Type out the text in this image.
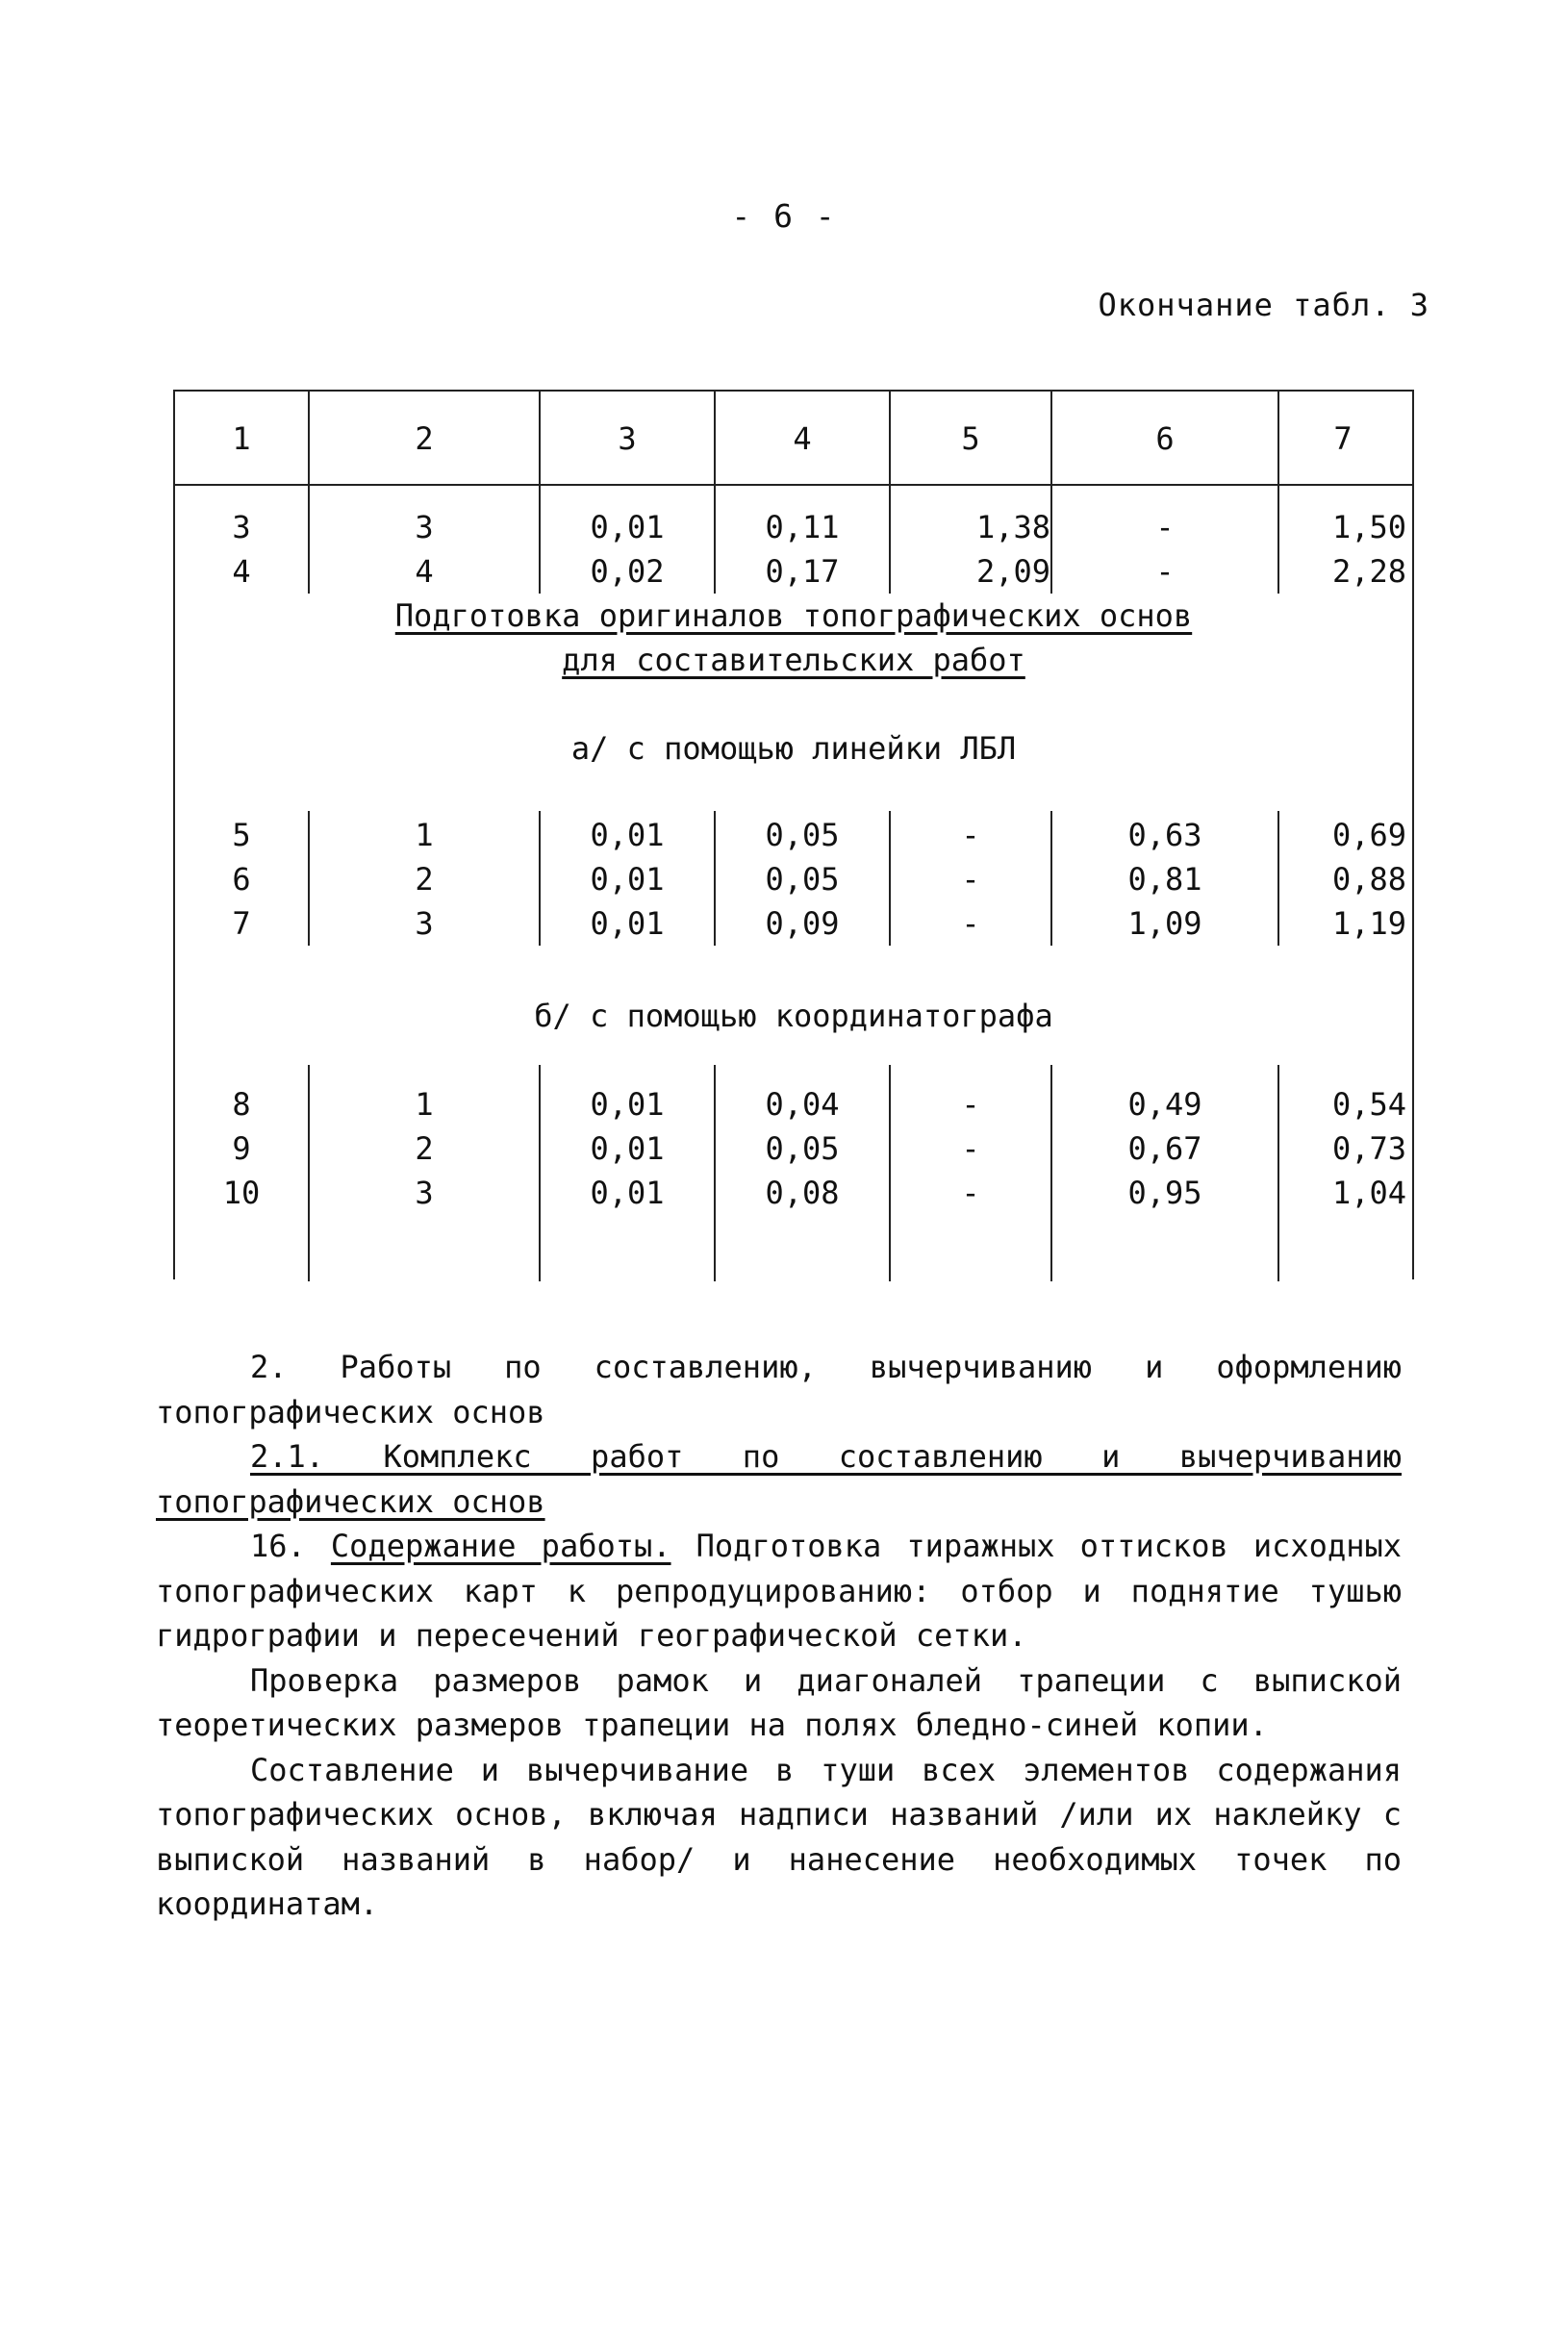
- 6 -
Окончание табл. 3
1	2	3	4	5	6	7
3	3	0,01	0,11	1,38	-	1,50
4	4	0,02	0,17	2,09	-	2,28
Подготовка оригиналов топографических основ
для составительских работ
а/ с помощью линейки ЛБЛ
5	1	0,01	0,05	-	0,63	0,69
6	2	0,01	0,05	-	0,81	0,88
7	3	0,01	0,09	-	1,09	1,19
б/ с помощью координатографа
8	1	0,01	0,04	-	0,49	0,54
9	2	0,01	0,05	-	0,67	0,73
10	3	0,01	0,08	-	0,95	1,04

2. Работы по составлению, вычерчиванию и оформлению топографических основ

2.1. Комплекс работ по составлению и вычерчиванию топографических основ

16. Содержание работы. Подготовка тиражных оттисков исходных топографических карт к репродуцированию: отбор и поднятие тушью гидрографии и пересечений географической сетки.

Проверка размеров рамок и диагоналей трапеции с выпиской теоретических размеров трапеции на полях бледно-синей копии.

Составление и вычерчивание в туши всех элементов содержания топографических основ, включая надписи названий /или их наклейку с выпиской названий в набор/ и нанесение необходимых точек по координатам.
